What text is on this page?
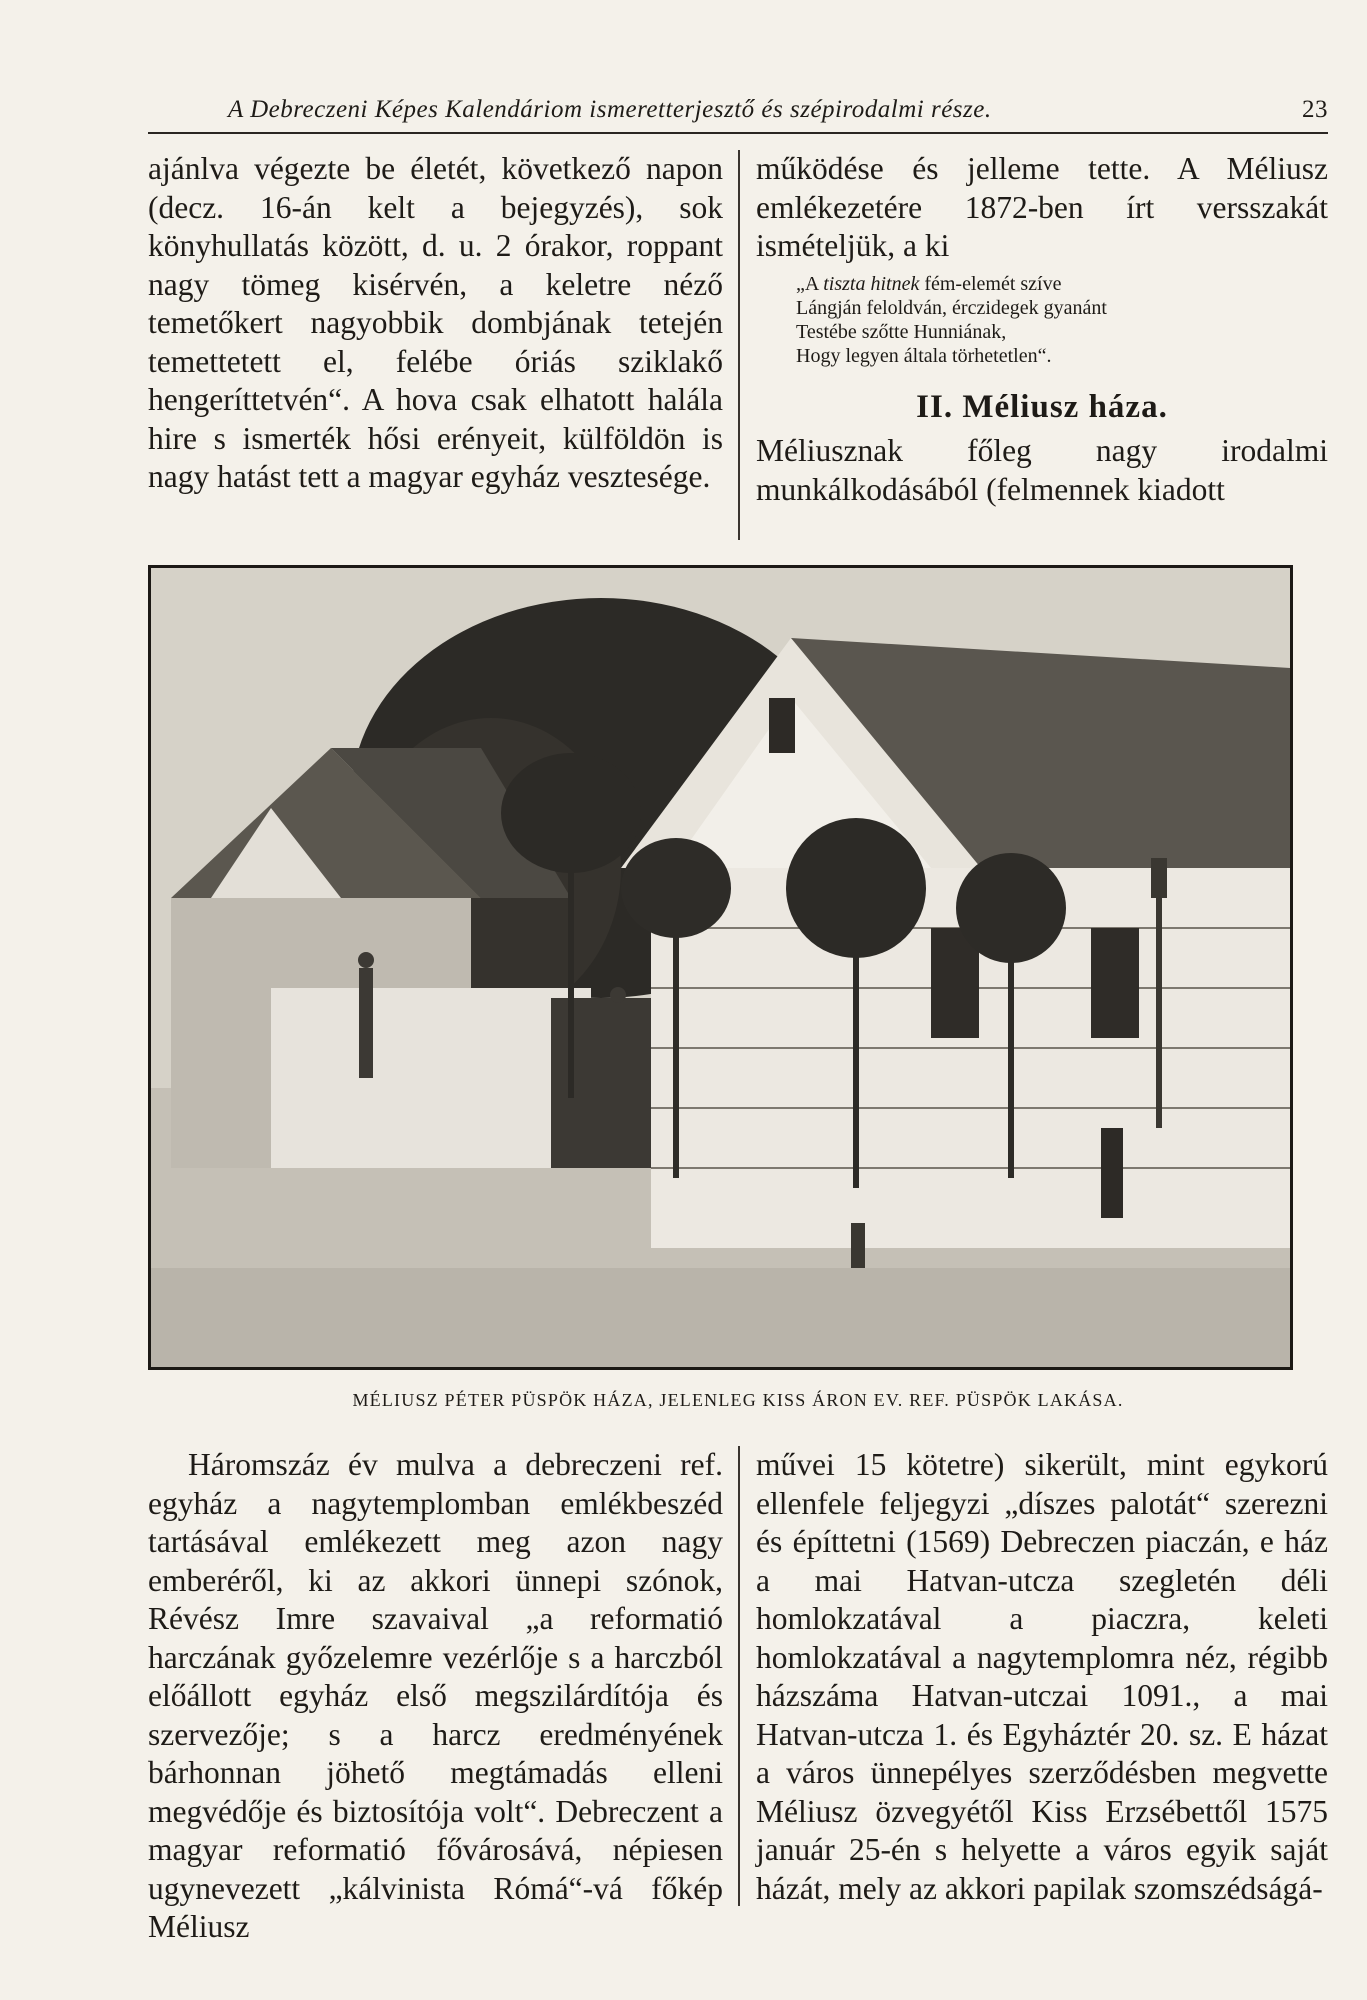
A Debreczeni Képes Kalendáriom ismeretterjesztő és szépirodalmi része.	23

ajánlva végezte be életét, következő napon (decz. 16-án kelt a bejegyzés), sok könyhullatás között, d. u. 2 órakor, roppant nagy tömeg kisérvén, a keletre néző temetőkert nagyobbik dombjának tetején temettetett el, felébe óriás sziklakő hengeríttetvén“. A hova csak elhatott halála hire s ismerték hősi erényeit, külföldön is nagy hatást tett a magyar egyház vesztesége.

működése és jelleme tette. A Méliusz emlékezetére 1872-ben írt versszakát ismételjük, a ki

„A tiszta hitnek fém-elemét szíve
Lángján feloldván, érczidegek gyanánt
Testébe szőtte Hunniának,
Hogy legyen általa törhetetlen“.
II. Méliusz háza.

Méliusznak főleg nagy irodalmi munkálkodásából (felmennek kiadott

MÉLIUSZ PÉTER PÜSPÖK HÁZA, JELENLEG KISS ÁRON EV. REF. PÜSPÖK LAKÁSA.

Háromszáz év mulva a debreczeni ref. egyház a nagytemplomban emlékbeszéd tartásával emlékezett meg azon nagy emberéről, ki az akkori ünnepi szónok, Révész Imre szavaival „a reformatió harczának győzelemre vezérlője s a harczból előállott egyház első megszilárdítója és szervezője; s a harcz eredményének bárhonnan jöhető megtámadás elleni megvédője és biztosítója volt“. Debreczent a magyar reformatió fővárosává, népiesen ugynevezett „kálvinista Rómá“-vá főkép Méliusz

művei 15 kötetre) sikerült, mint egykorú ellenfele feljegyzi „díszes palotát“ szerezni és építtetni (1569) Debreczen piaczán, e ház a mai Hatvan-utcza szegletén déli homlokzatával a piaczra, keleti homlokzatával a nagytemplomra néz, régibb házszáma Hatvan-utczai 1091., a mai Hatvan-utcza 1. és Egyháztér 20. sz. E házat a város ünnepélyes szerződésben megvette Méliusz özvegyétől Kiss Erzsébettől 1575 január 25-én s helyette a város egyik saját házát, mely az akkori papilak szomszédságá-
